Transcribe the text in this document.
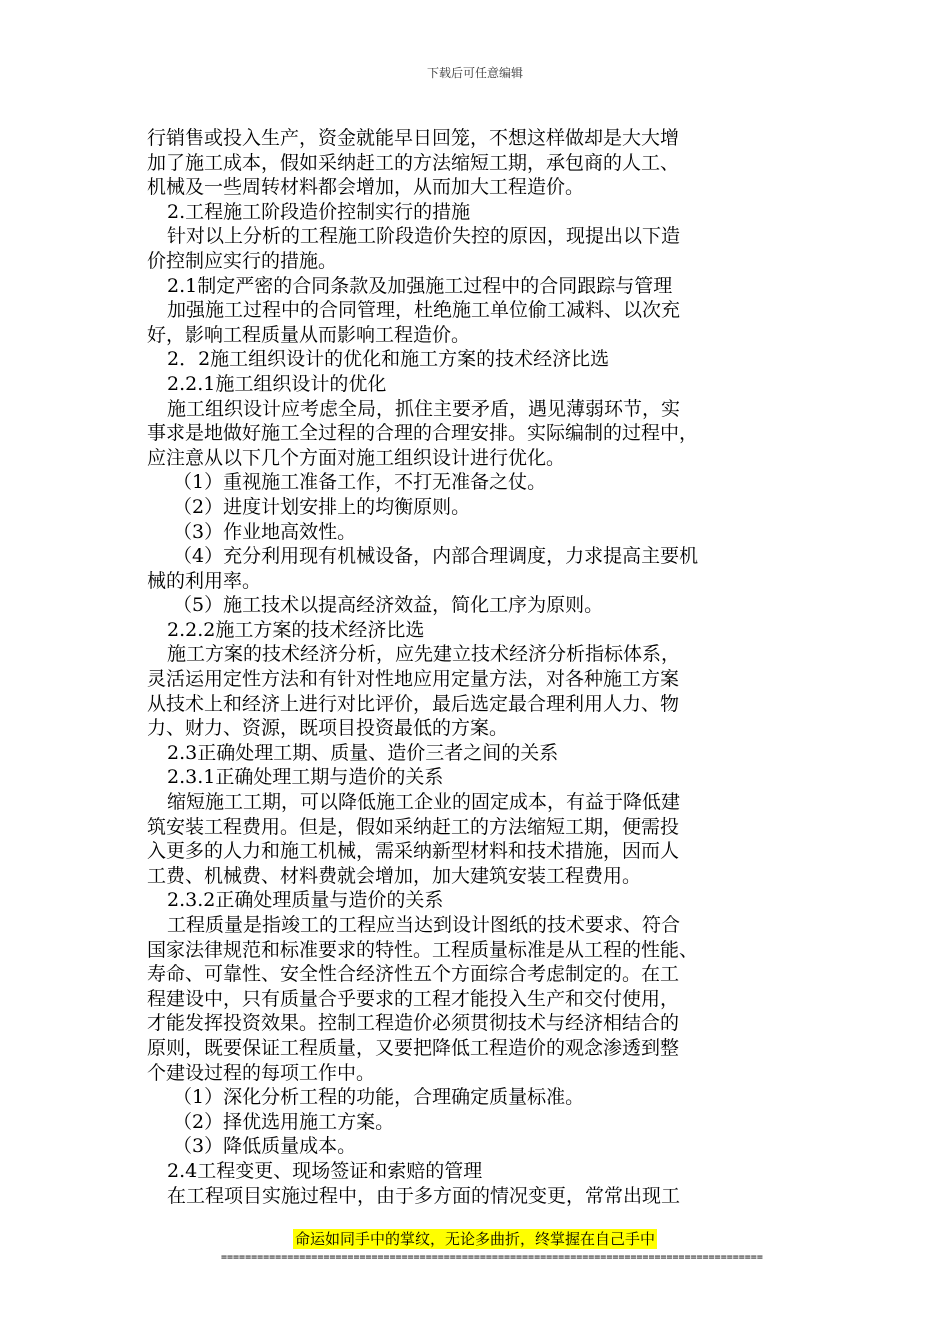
下载后可任意编辑
行销售或投入生产，资金就能早日回笼，不想这样做却是大大增
加了施工成本，假如采纳赶工的方法缩短工期，承包商的人工、
机械及一些周转材料都会增加，从而加大工程造价。
2.工程施工阶段造价控制实行的措施
针对以上分析的工程施工阶段造价失控的原因，现提出以下造
价控制应实行的措施。
2.1制定严密的合同条款及加强施工过程中的合同跟踪与管理
加强施工过程中的合同管理，杜绝施工单位偷工减料、以次充
好，影响工程质量从而影响工程造价。
2．2施工组织设计的优化和施工方案的技术经济比选
2.2.1施工组织设计的优化
施工组织设计应考虑全局，抓住主要矛盾，遇见薄弱环节，实
事求是地做好施工全过程的合理的合理安排。实际编制的过程中，
应注意从以下几个方面对施工组织设计进行优化。
（1）重视施工准备工作，不打无准备之仗。
（2）进度计划安排上的均衡原则。
（3）作业地高效性。
（4）充分利用现有机械设备，内部合理调度，力求提高主要机
械的利用率。
（5）施工技术以提高经济效益，简化工序为原则。
2.2.2施工方案的技术经济比选
施工方案的技术经济分析，应先建立技术经济分析指标体系，
灵活运用定性方法和有针对性地应用定量方法，对各种施工方案
从技术上和经济上进行对比评价，最后选定最合理利用人力、物
力、财力、资源，既项目投资最低的方案。
2.3正确处理工期、质量、造价三者之间的关系
2.3.1正确处理工期与造价的关系
缩短施工工期，可以降低施工企业的固定成本，有益于降低建
筑安装工程费用。但是，假如采纳赶工的方法缩短工期，便需投
入更多的人力和施工机械，需采纳新型材料和技术措施，因而人
工费、机械费、材料费就会增加，加大建筑安装工程费用。
2.3.2正确处理质量与造价的关系
工程质量是指竣工的工程应当达到设计图纸的技术要求、符合
国家法律规范和标准要求的特性。工程质量标准是从工程的性能、
寿命、可靠性、安全性合经济性五个方面综合考虑制定的。在工
程建设中，只有质量合乎要求的工程才能投入生产和交付使用，
才能发挥投资效果。控制工程造价必须贯彻技术与经济相结合的
原则，既要保证工程质量，又要把降低工程造价的观念渗透到整
个建设过程的每项工作中。
（1）深化分析工程的功能，合理确定质量标准。
（2）择优选用施工方案。
（3）降低质量成本。
2.4工程变更、现场签证和索赔的管理
在工程项目实施过程中，由于多方面的情况变更，常常出现工
命运如同手中的掌纹，无论多曲折，终掌握在自己手中
==========================================================================================
